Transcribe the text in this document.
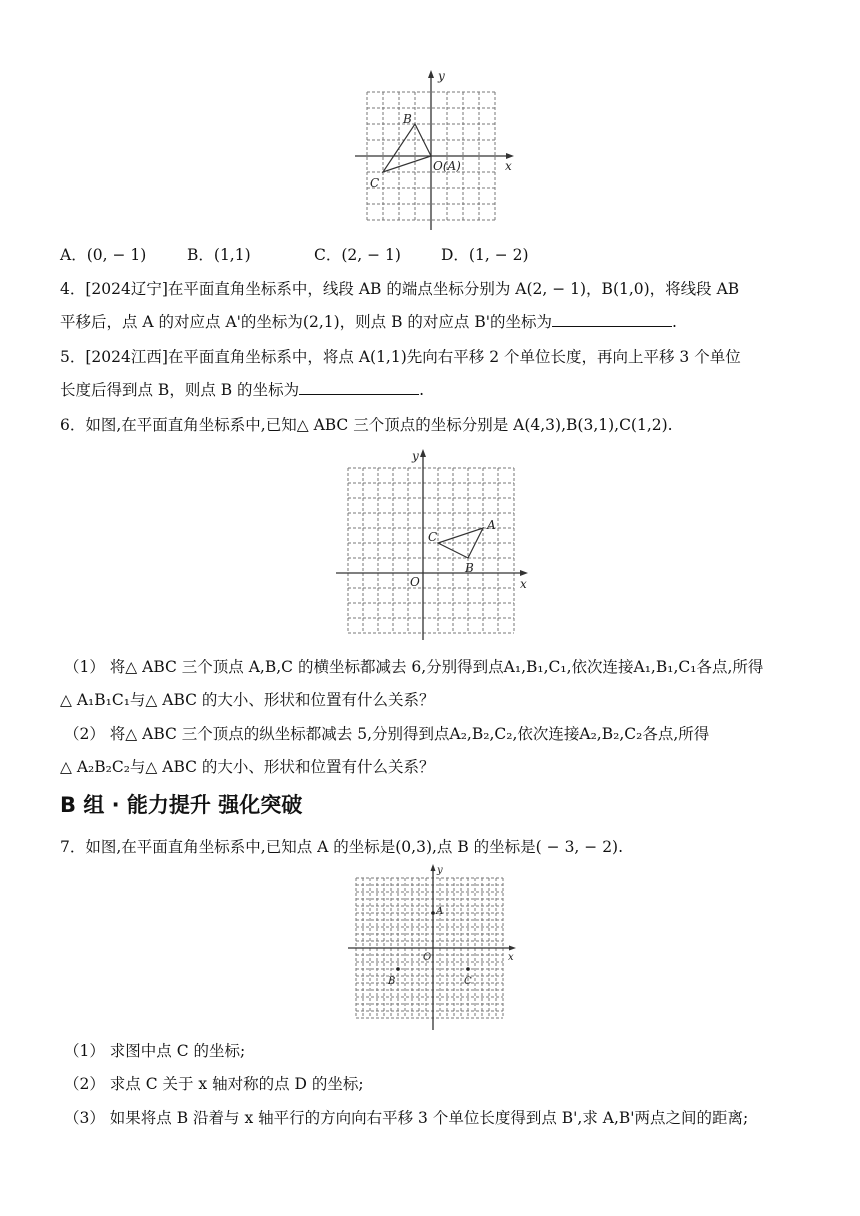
B
C
O(A)	x
y
A．(0, − 1)	B．(1,1)	C．(2, − 1)	D．(1, − 2)
4．[2024辽宁]在平面直角坐标系中，线段 AB 的端点坐标分别为 A(2, − 1)，B(1,0)，将线段 AB
平移后，点 A 的对应点 A'的坐标为(2,1)，则点 B 的对应点 B'的坐标为	.
5．[2024江西]在平面直角坐标系中，将点 A(1,1)先向右平移 2 个单位长度，再向上平移 3 个单位
长度后得到点 B，则点 B 的坐标为	.
6．如图,在平面直角坐标系中,已知△ ABC 三个顶点的坐标分别是 A(4,3),B(3,1),C(1,2).
A
B
C
O	x
y
（1） 将△ ABC 三个顶点 A,B,C 的横坐标都减去 6,分别得到点A₁,B₁,C₁,依次连接A₁,B₁,C₁各点,所得
△ A₁B₁C₁与△ ABC 的大小、形状和位置有什么关系？
（2） 将△ ABC 三个顶点的纵坐标都减去 5,分别得到点A₂,B₂,C₂,依次连接A₂,B₂,C₂各点,所得
△ A₂B₂C₂与△ ABC 的大小、形状和位置有什么关系？
B 组 · 能力提升 强化突破
7．如图,在平面直角坐标系中,已知点 A 的坐标是(0,3),点 B 的坐标是( − 3, − 2).
A
B	C
O	x
y
（1） 求图中点 C 的坐标;
（2） 求点 C 关于 x 轴对称的点 D 的坐标;
（3） 如果将点 B 沿着与 x 轴平行的方向向右平移 3 个单位长度得到点 B',求 A,B'两点之间的距离;
